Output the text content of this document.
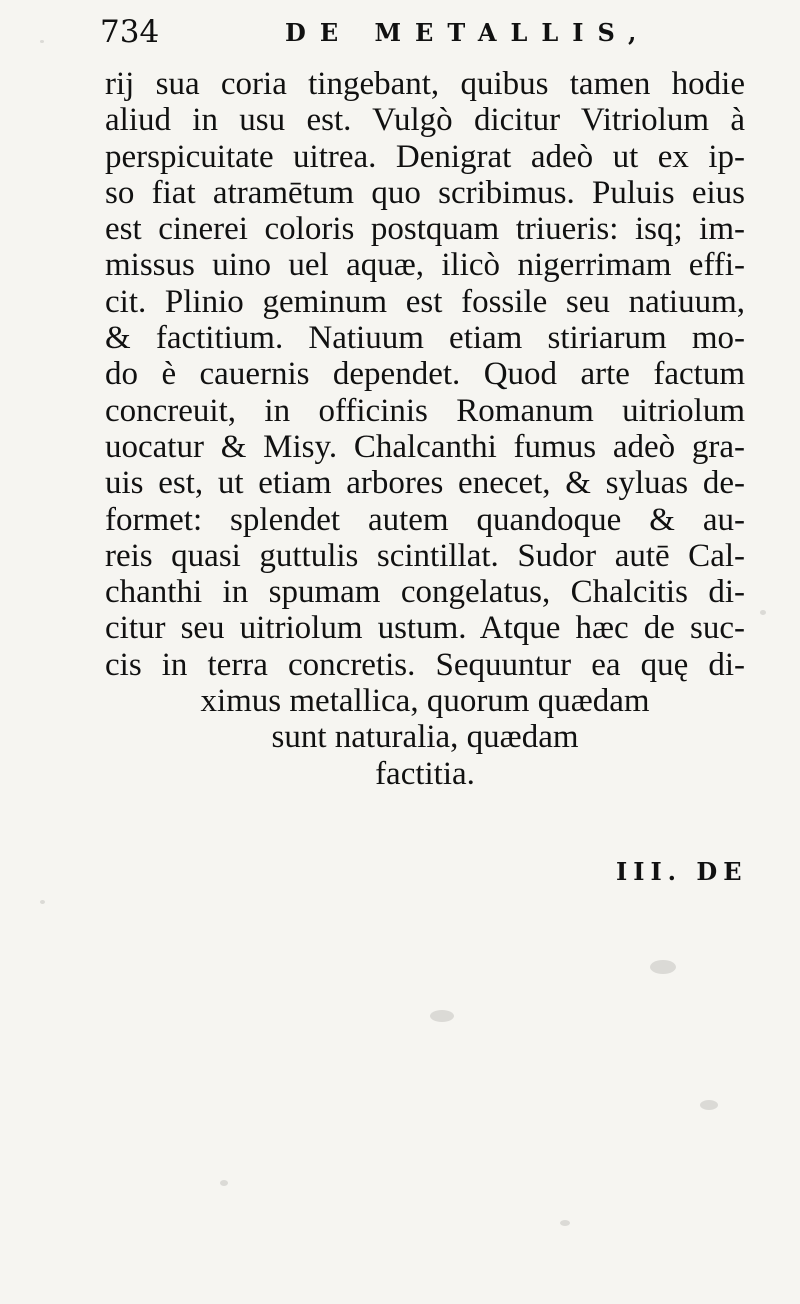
734	DE METALLIS,
rij sua coria tingebant, quibus tamen hodie
aliud in usu est. Vulgò dicitur Vitriolum à
perspicuitate uitrea. Denigrat adeò ut ex ip-
so fiat atramētum quo scribimus. Puluis eius
est cinerei coloris postquam triueris: isq; im-
missus uino uel aquæ, ilicò nigerrimam effi-
cit. Plinio geminum est fossile seu natiuum,
& factitium. Natiuum etiam stiriarum mo-
do è cauernis dependet. Quod arte factum
concreuit, in officinis Romanum uitriolum
uocatur & Misy. Chalcanthi fumus adeò gra-
uis est, ut etiam arbores enecet, & syluas de-
formet: splendet autem quandoque & au-
reis quasi guttulis scintillat. Sudor autē Cal-
chanthi in spumam congelatus, Chalcitis di-
citur seu uitriolum ustum. Atque hæc de suc-
cis in terra concretis. Sequuntur ea quę di-
ximus metallica, quorum quædam
sunt naturalia, quædam
factitia.
III. DE
